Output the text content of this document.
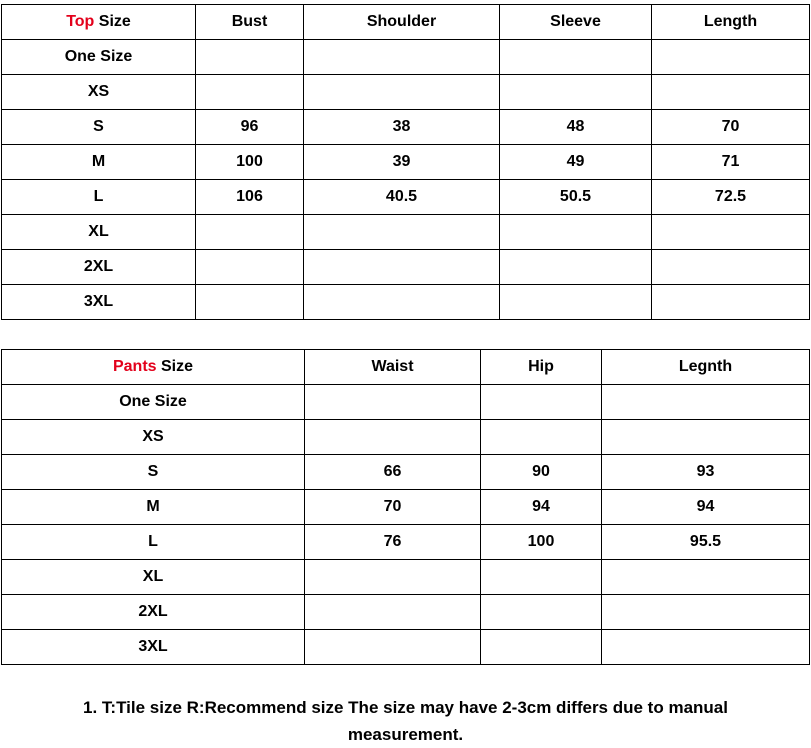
Top Size	Bust	Shoulder	Sleeve	Length
One Size				
XS				
S	96	38	48	70
M	100	39	49	71
L	106	40.5	50.5	72.5
XL				
2XL				
3XL				
Pants Size	Waist	Hip	Legnth
One Size			
XS			
S	66	90	93
M	70	94	94
L	76	100	95.5
XL			
2XL			
3XL			
1. T:Tile size R:Recommend size The size may have 2-3cm differs due to manual
measurement.
